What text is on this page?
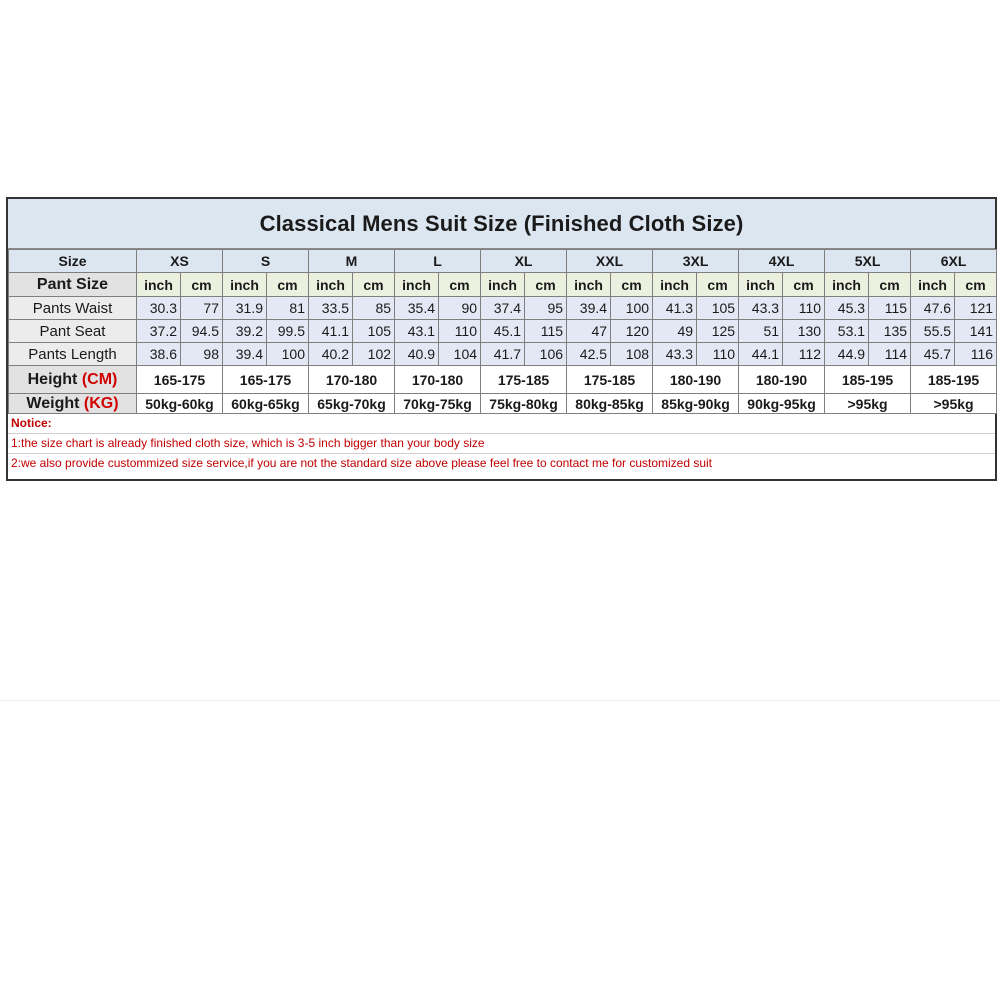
Classical Mens Suit Size (Finished Cloth Size)
Size	XS		S		M		L		XL		XXL		3XL		4XL		5XL		6XL	
Pant Size	inch	cm	inch	cm	inch	cm	inch	cm	inch	cm	inch	cm	inch	cm	inch	cm	inch	cm	inch	cm
Pants Waist	30.3	77	31.9	81	33.5	85	35.4	90	37.4	95	39.4	100	41.3	105	43.3	110	45.3	115	47.6	121
Pant Seat	37.2	94.5	39.2	99.5	41.1	105	43.1	110	45.1	115	47	120	49	125	51	130	53.1	135	55.5	141
Pants Length	38.6	98	39.4	100	40.2	102	40.9	104	41.7	106	42.5	108	43.3	110	44.1	112	44.9	114	45.7	116
Height (CM)	165-175		165-175		170-180		170-180		175-185		175-185		180-190		180-190		185-195		185-195	
Weight (KG)	50kg-60kg		60kg-65kg		65kg-70kg		70kg-75kg		75kg-80kg		80kg-85kg		85kg-90kg		90kg-95kg		>95kg		>95kg	
Notice:
1:the size chart is already finished cloth size, which is 3-5 inch bigger than your body size
2:we also provide custommized size service,if you are not the standard size above please feel free to contact me for customized suit
